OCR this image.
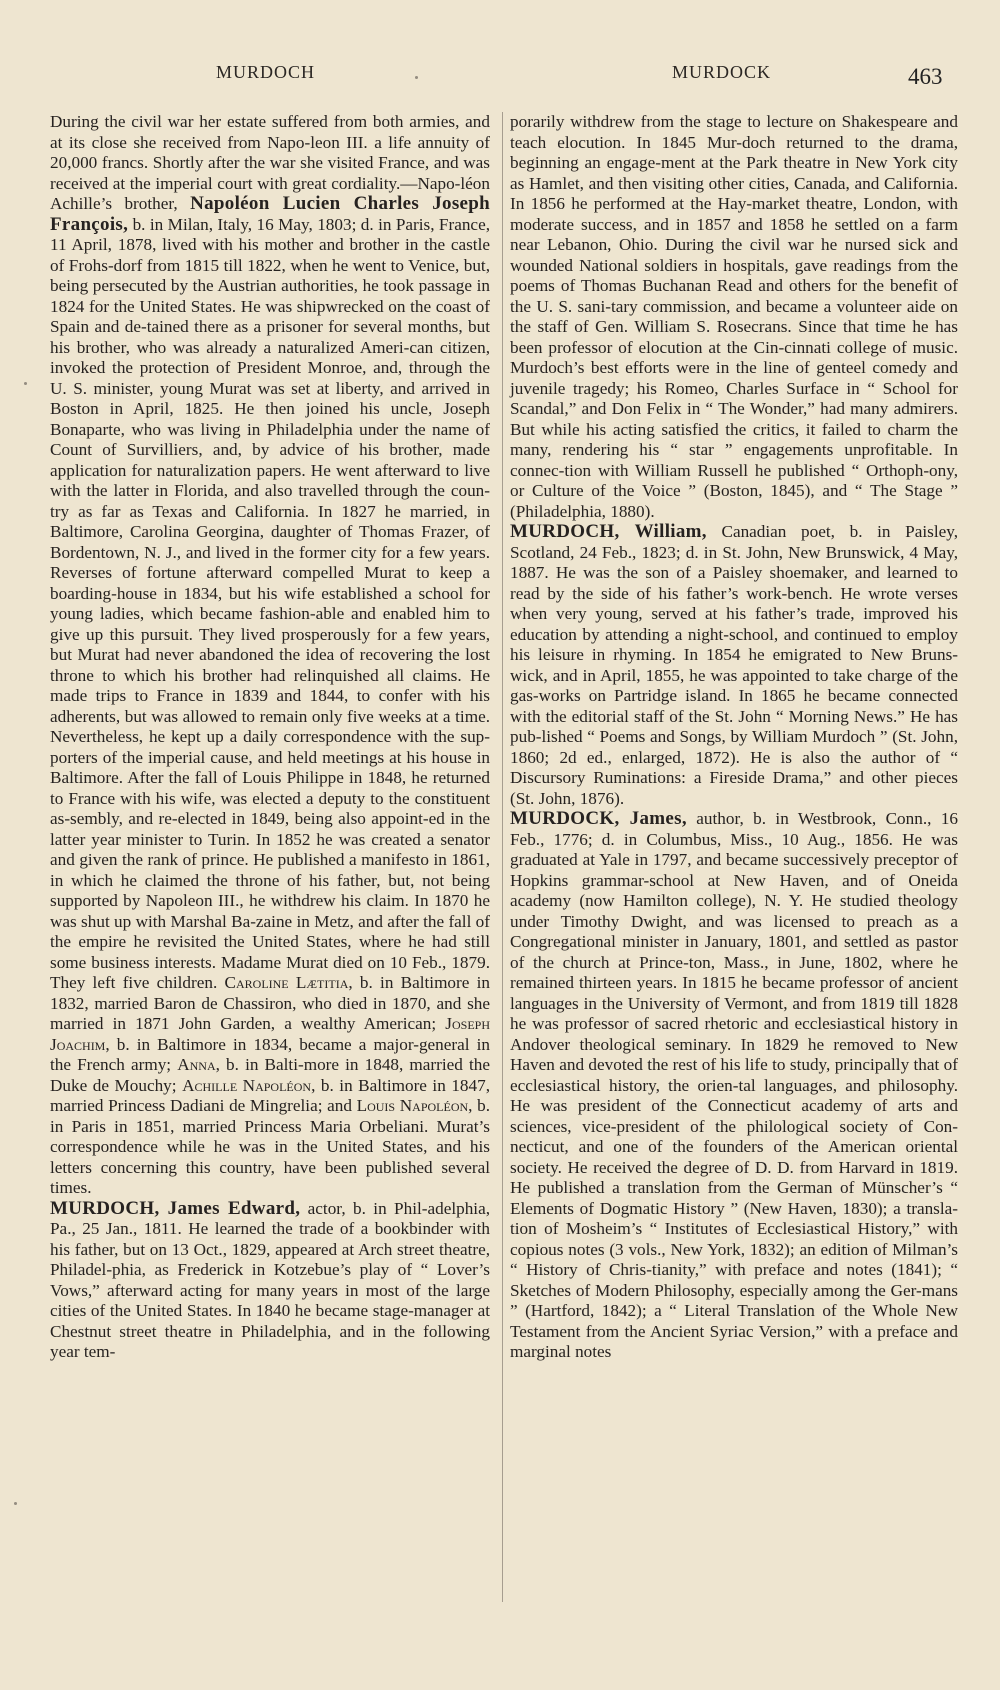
MURDOCH	MURDOCK	463

During the civil war her estate suffered from both armies, and at its close she received from Napo-leon III. a life annuity of 20,000 francs. Shortly after the war she visited France, and was received at the imperial court with great cordiality.—Napo-léon Achille’s brother, Napoléon Lucien Charles Joseph François, b. in Milan, Italy, 16 May, 1803; d. in Paris, France, 11 April, 1878, lived with his mother and brother in the castle of Frohs-dorf from 1815 till 1822, when he went to Venice, but, being persecuted by the Austrian authorities, he took passage in 1824 for the United States. He was shipwrecked on the coast of Spain and de-tained there as a prisoner for several months, but his brother, who was already a naturalized Ameri-can citizen, invoked the protection of President Monroe, and, through the U. S. minister, young Murat was set at liberty, and arrived in Boston in April, 1825. He then joined his uncle, Joseph Bonaparte, who was living in Philadelphia under the name of Count of Survilliers, and, by advice of his brother, made application for naturalization papers. He went afterward to live with the latter in Florida, and also travelled through the coun-try as far as Texas and California. In 1827 he married, in Baltimore, Carolina Georgina, daughter of Thomas Frazer, of Bordentown, N. J., and lived in the former city for a few years. Reverses of fortune afterward compelled Murat to keep a boarding-house in 1834, but his wife established a school for young ladies, which became fashion-able and enabled him to give up this pursuit. They lived prosperously for a few years, but Murat had never abandoned the idea of recovering the lost throne to which his brother had relinquished all claims. He made trips to France in 1839 and 1844, to confer with his adherents, but was allowed to remain only five weeks at a time. Nevertheless, he kept up a daily correspondence with the sup-porters of the imperial cause, and held meetings at his house in Baltimore. After the fall of Louis Philippe in 1848, he returned to France with his wife, was elected a deputy to the constituent as-sembly, and re-elected in 1849, being also appoint-ed in the latter year minister to Turin. In 1852 he was created a senator and given the rank of prince. He published a manifesto in 1861, in which he claimed the throne of his father, but, not being supported by Napoleon III., he withdrew his claim. In 1870 he was shut up with Marshal Ba-zaine in Metz, and after the fall of the empire he revisited the United States, where he had still some business interests. Madame Murat died on 10 Feb., 1879. They left five children. Caroline Lætitia, b. in Baltimore in 1832, married Baron de Chassiron, who died in 1870, and she married in 1871 John Garden, a wealthy American; Joseph Joachim, b. in Baltimore in 1834, became a major-general in the French army; Anna, b. in Balti-more in 1848, married the Duke de Mouchy; Achille Napoléon, b. in Baltimore in 1847, married Princess Dadiani de Mingrelia; and Louis Napoléon, b. in Paris in 1851, married Princess Maria Orbeliani. Murat’s correspondence while he was in the United States, and his letters concerning this country, have been published several times.

MURDOCH, James Edward, actor, b. in Phil-adelphia, Pa., 25 Jan., 1811. He learned the trade of a bookbinder with his father, but on 13 Oct., 1829, appeared at Arch street theatre, Philadel-phia, as Frederick in Kotzebue’s play of “ Lover’s Vows,” afterward acting for many years in most of the large cities of the United States. In 1840 he became stage-manager at Chestnut street theatre in Philadelphia, and in the following year tem-

porarily withdrew from the stage to lecture on Shakespeare and teach elocution. In 1845 Mur-doch returned to the drama, beginning an engage-ment at the Park theatre in New York city as Hamlet, and then visiting other cities, Canada, and California. In 1856 he performed at the Hay-market theatre, London, with moderate success, and in 1857 and 1858 he settled on a farm near Lebanon, Ohio. During the civil war he nursed sick and wounded National soldiers in hospitals, gave readings from the poems of Thomas Buchanan Read and others for the benefit of the U. S. sani-tary commission, and became a volunteer aide on the staff of Gen. William S. Rosecrans. Since that time he has been professor of elocution at the Cin-cinnati college of music. Murdoch’s best efforts were in the line of genteel comedy and juvenile tragedy; his Romeo, Charles Surface in “ School for Scandal,” and Don Felix in “ The Wonder,” had many admirers. But while his acting satisfied the critics, it failed to charm the many, rendering his “ star ” engagements unprofitable. In connec-tion with William Russell he published “ Orthoph-ony, or Culture of the Voice ” (Boston, 1845), and “ The Stage ” (Philadelphia, 1880).

MURDOCH, William, Canadian poet, b. in Paisley, Scotland, 24 Feb., 1823; d. in St. John, New Brunswick, 4 May, 1887. He was the son of a Paisley shoemaker, and learned to read by the side of his father’s work-bench. He wrote verses when very young, served at his father’s trade, improved his education by attending a night-school, and continued to employ his leisure in rhyming. In 1854 he emigrated to New Bruns-wick, and in April, 1855, he was appointed to take charge of the gas-works on Partridge island. In 1865 he became connected with the editorial staff of the St. John “ Morning News.” He has pub-lished “ Poems and Songs, by William Murdoch ” (St. John, 1860; 2d ed., enlarged, 1872). He is also the author of “ Discursory Ruminations: a Fireside Drama,” and other pieces (St. John, 1876).

MURDOCK, James, author, b. in Westbrook, Conn., 16 Feb., 1776; d. in Columbus, Miss., 10 Aug., 1856. He was graduated at Yale in 1797, and became successively preceptor of Hopkins grammar-school at New Haven, and of Oneida academy (now Hamilton college), N. Y. He studied theology under Timothy Dwight, and was licensed to preach as a Congregational minister in January, 1801, and settled as pastor of the church at Prince-ton, Mass., in June, 1802, where he remained thirteen years. In 1815 he became professor of ancient languages in the University of Vermont, and from 1819 till 1828 he was professor of sacred rhetoric and ecclesiastical history in Andover theological seminary. In 1829 he removed to New Haven and devoted the rest of his life to study, principally that of ecclesiastical history, the orien-tal languages, and philosophy. He was president of the Connecticut academy of arts and sciences, vice-president of the philological society of Con-necticut, and one of the founders of the American oriental society. He received the degree of D. D. from Harvard in 1819. He published a translation from the German of Münscher’s “ Elements of Dogmatic History ” (New Haven, 1830); a transla-tion of Mosheim’s “ Institutes of Ecclesiastical History,” with copious notes (3 vols., New York, 1832); an edition of Milman’s “ History of Chris-tianity,” with preface and notes (1841); “ Sketches of Modern Philosophy, especially among the Ger-mans ” (Hartford, 1842); a “ Literal Translation of the Whole New Testament from the Ancient Syriac Version,” with a preface and marginal notes
